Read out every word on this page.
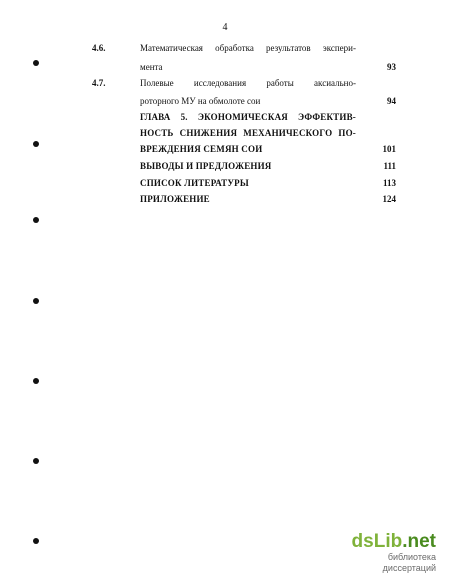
4
4.6.	Математическая обработка результатов экспери-
мента	93
4.7.	Полевые исследования работы аксиально-
роторного МУ на обмолоте сои	94
ГЛАВА 5. ЭКОНОМИЧЕСКАЯ ЭФФЕКТИВ-
НОСТЬ СНИЖЕНИЯ МЕХАНИЧЕСКОГО ПО-
ВРЕЖДЕНИЯ СЕМЯН СОИ	101
ВЫВОДЫ И ПРЕДЛОЖЕНИЯ	111
СПИСОК ЛИТЕРАТУРЫ	113
ПРИЛОЖЕНИЕ	124
dsLib.net
библиотека диссертаций
